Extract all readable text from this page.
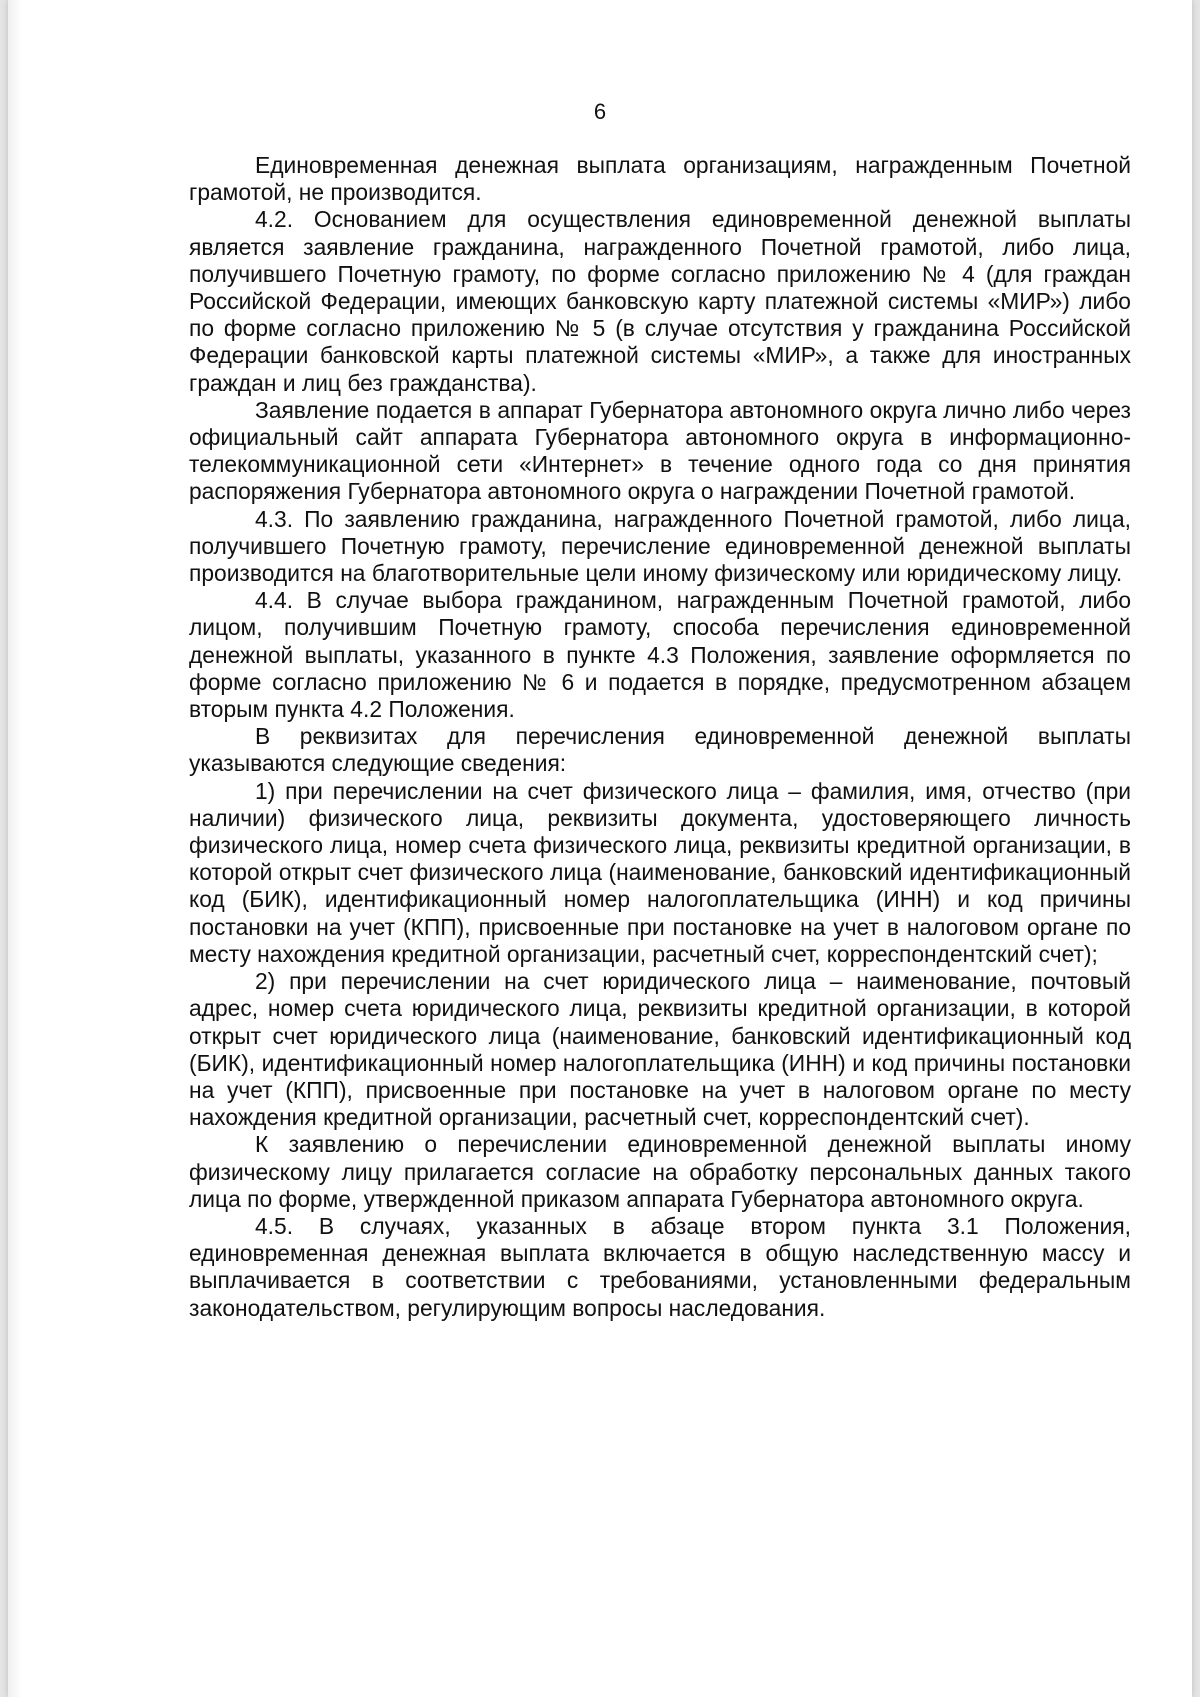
6

Единовременная денежная выплата организациям, награжденным Почетной грамотой, не производится.

4.2. Основанием для осуществления единовременной денежной выплаты является заявление гражданина, награжденного Почетной грамотой, либо лица, получившего Почетную грамоту, по форме согласно приложению № 4 (для граждан Российской Федерации, имеющих банковскую карту платежной системы «МИР») либо по форме согласно приложению № 5 (в случае отсутствия у гражданина Российской Федерации банковской карты платежной системы «МИР», а также для иностранных граждан и лиц без гражданства).

Заявление подается в аппарат Губернатора автономного округа лично либо через официальный сайт аппарата Губернатора автономного округа в информационно-телекоммуникационной сети «Интернет» в течение одного года со дня принятия распоряжения Губернатора автономного округа о награждении Почетной грамотой.

4.3. По заявлению гражданина, награжденного Почетной грамотой, либо лица, получившего Почетную грамоту, перечисление единовременной денежной выплаты производится на благотворительные цели иному физическому или юридическому лицу.

4.4. В случае выбора гражданином, награжденным Почетной грамотой, либо лицом, получившим Почетную грамоту, способа перечисления единовременной денежной выплаты, указанного в пункте 4.3 Положения, заявление оформляется по форме согласно приложению № 6 и подается в порядке, предусмотренном абзацем вторым пункта 4.2 Положения.

В реквизитах для перечисления единовременной денежной выплаты указываются следующие сведения:

1) при перечислении на счет физического лица – фамилия, имя, отчество (при наличии) физического лица, реквизиты документа, удостоверяющего личность физического лица, номер счета физического лица, реквизиты кредитной организации, в которой открыт счет физического лица (наименование, банковский идентификационный код (БИК), идентификационный номер налогоплательщика (ИНН) и код причины постановки на учет (КПП), присвоенные при постановке на учет в налоговом органе по месту нахождения кредитной организации, расчетный счет, корреспондентский счет);

2) при перечислении на счет юридического лица – наименование, почтовый адрес, номер счета юридического лица, реквизиты кредитной организации, в которой открыт счет юридического лица (наименование, банковский идентификационный код (БИК), идентификационный номер налогоплательщика (ИНН) и код причины постановки на учет (КПП), присвоенные при постановке на учет в налоговом органе по месту нахождения кредитной организации, расчетный счет, корреспондентский счет).

К заявлению о перечислении единовременной денежной выплаты иному физическому лицу прилагается согласие на обработку персональных данных такого лица по форме, утвержденной приказом аппарата Губернатора автономного округа.

4.5. В случаях, указанных в абзаце втором пункта 3.1 Положения, единовременная денежная выплата включается в общую наследственную массу и выплачивается в соответствии с требованиями, установленными федеральным законодательством, регулирующим вопросы наследования.
